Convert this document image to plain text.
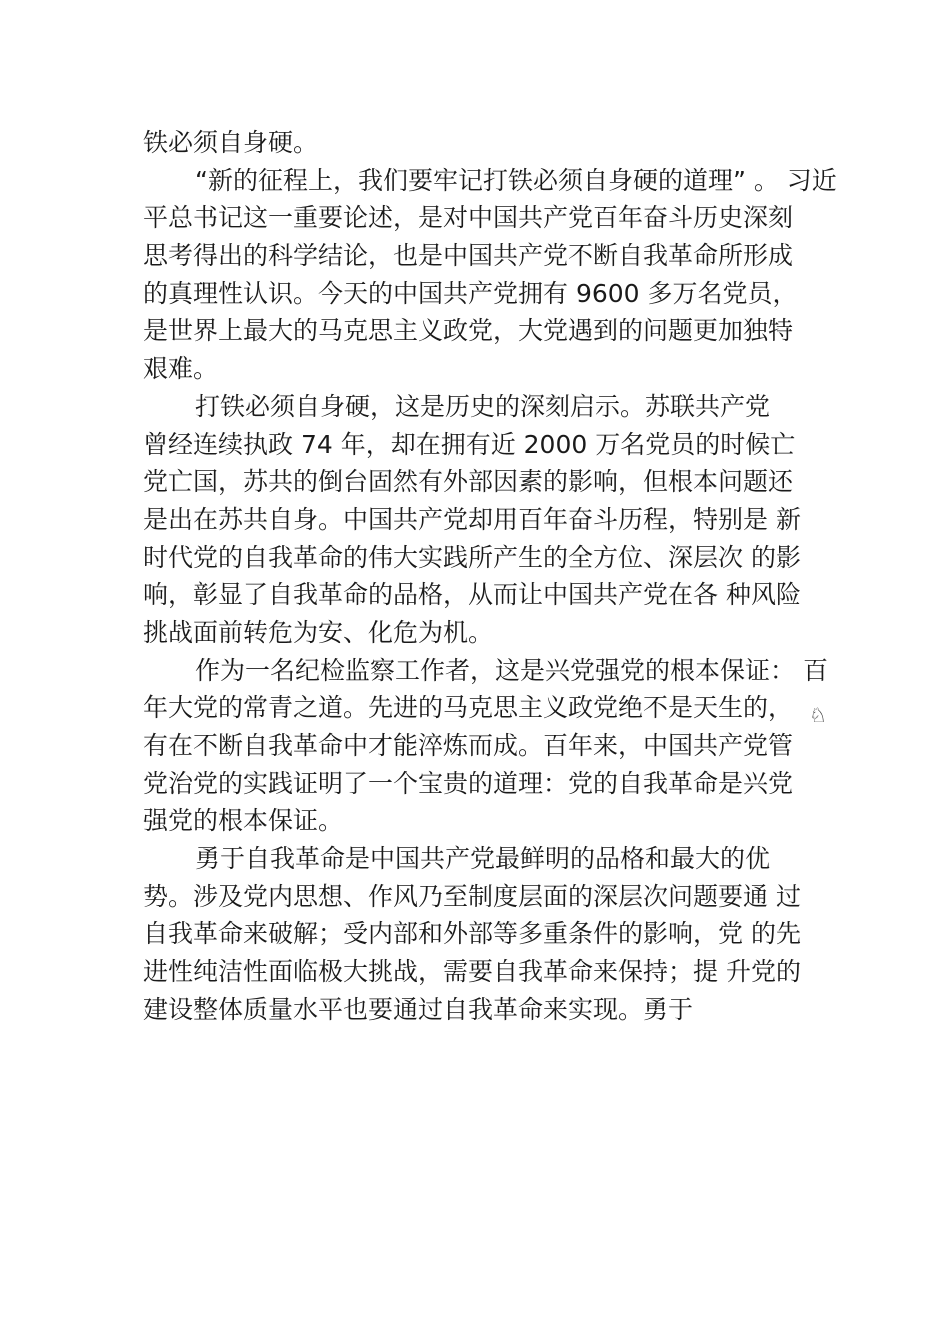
铁必须自身硬。
“新的征程上，我们要牢记打铁必须自身硬的道理” 。 习近
平总书记这一重要论述，是对中国共产党百年奋斗历史深刻
思考得出的科学结论，也是中国共产党不断自我革命所形成
的真理性认识。今天的中国共产党拥有 9600 多万名党员，
是世界上最大的马克思主义政党，大党遇到的问题更加独特
艰难。
打铁必须自身硬，这是历史的深刻启示。苏联共产党
曾经连续执政 74 年，却在拥有近 2000 万名党员的时候亡
党亡国，苏共的倒台固然有外部因素的影响，但根本问题还
是出在苏共自身。中国共产党却用百年奋斗历程，特别是 新
时代党的自我革命的伟大实践所产生的全方位、深层次 的影
响，彰显了自我革命的品格，从而让中国共产党在各 种风险
挑战面前转危为安、化危为机。
作为一名纪检监察工作者，这是兴党强党的根本保证： 百
年大党的常青之道。先进的马克思主义政党绝不是天生的，
有在不断自我革命中才能淬炼而成。百年来，中国共产党管
党治党的实践证明了一个宝贵的道理：党的自我革命是兴党
强党的根本保证。
勇于自我革命是中国共产党最鲜明的品格和最大的优
势。涉及党内思想、作风乃至制度层面的深层次问题要通 过
自我革命来破解；受内部和外部等多重条件的影响，党 的先
进性纯洁性面临极大挑战，需要自我革命来保持；提 升党的
建设整体质量水平也要通过自我革命来实现。勇于
♘
